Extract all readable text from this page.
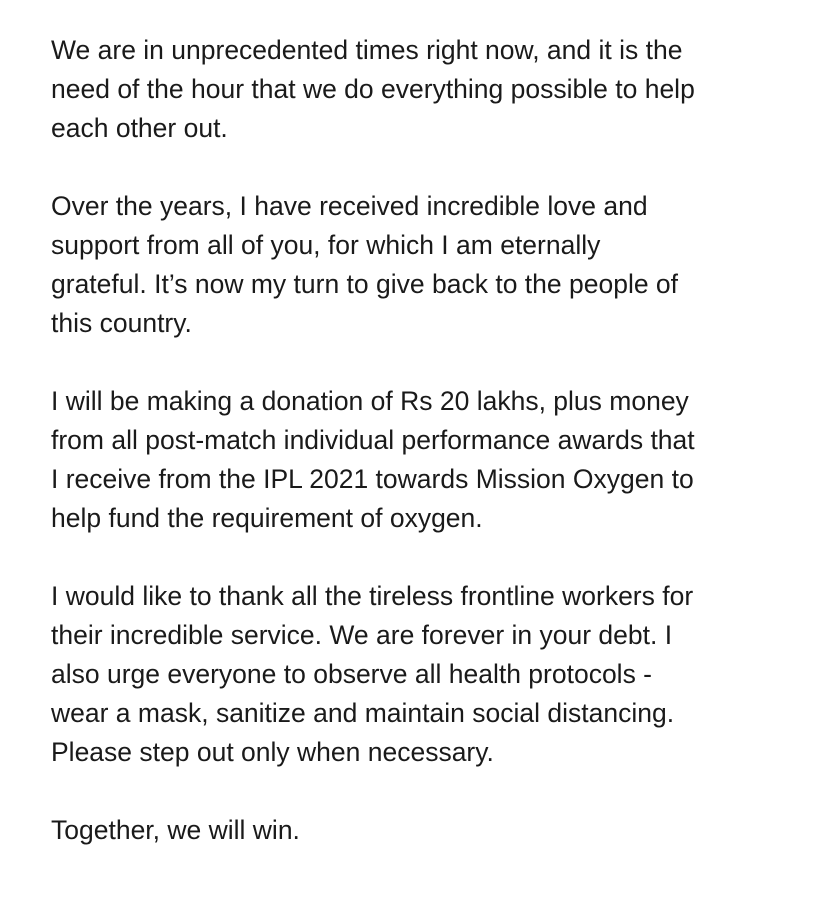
We are in unprecedented times right now, and it is the
need of the hour that we do everything possible to help
each other out.

Over the years, I have received incredible love and
support from all of you, for which I am eternally
grateful. It’s now my turn to give back to the people of
this country.

I will be making a donation of Rs 20 lakhs, plus money
from all post-match individual performance awards that
I receive from the IPL 2021 towards Mission Oxygen to
help fund the requirement of oxygen.

I would like to thank all the tireless frontline workers for
their incredible service. We are forever in your debt. I
also urge everyone to observe all health protocols -
wear a mask, sanitize and maintain social distancing.
Please step out only when necessary.

Together, we will win.
